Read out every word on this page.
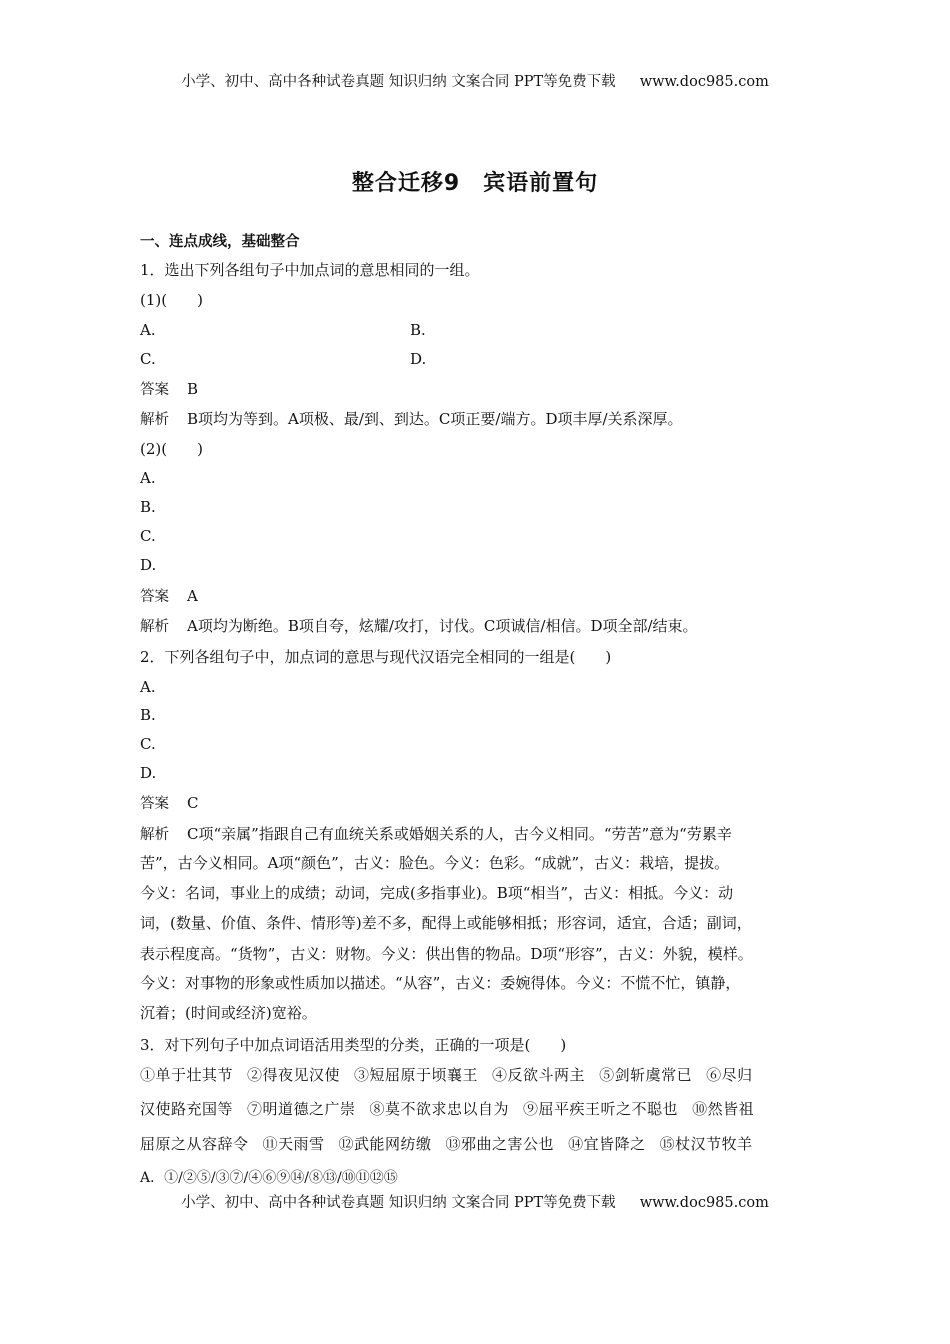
小学、初中、高中各种试卷真题 知识归纳 文案合同 PPT等免费下载 www.doc985.com
整合迁移9　宾语前置句
一、连点成线，基础整合
1．选出下列各组句子中加点词的意思相同的一组。
(1)(　　)
A.	B.
C.	D.
答案 B
解析 B项均为等到。A项极、最/到、到达。C项正要/端方。D项丰厚/关系深厚。
(2)(　　)
A.
B.
C.
D.
答案 A
解析 A项均为断绝。B项自夸，炫耀/攻打，讨伐。C项诚信/相信。D项全部/结束。
2．下列各组句子中，加点词的意思与现代汉语完全相同的一组是(　　)
A.
B.
C.
D.
答案 C
解析 C项“亲属”指跟自己有血统关系或婚姻关系的人，古今义相同。“劳苦”意为“劳累辛
苦”，古今义相同。A项“颜色”，古义：脸色。今义：色彩。“成就”，古义：栽培，提拔。
今义：名词，事业上的成绩；动词，完成(多指事业)。B项“相当”，古义：相抵。今义：动
词，(数量、价值、条件、情形等)差不多，配得上或能够相抵；形容词，适宜，合适；副词，
表示程度高。“货物”，古义：财物。今义：供出售的物品。D项“形容”，古义：外貌，模样。
今义：对事物的形象或性质加以描述。“从容”，古义：委婉得体。今义：不慌不忙，镇静，
沉着；(时间或经济)宽裕。
3．对下列句子中加点词语活用类型的分类，正确的一项是(　　)
①单于壮其节 ②得夜见汉使 ③短屈原于顷襄王 ④反欲斗两主 ⑤剑斩虞常已 ⑥尽归
汉使路充国等 ⑦明道德之广崇 ⑧莫不欲求忠以自为 ⑨屈平疾王听之不聪也 ⑩然皆祖
屈原之从容辞令 ⑪天雨雪 ⑫武能网纺缴 ⑬邪曲之害公也 ⑭宜皆降之 ⑮杖汉节牧羊
A．①/②⑤/③⑦/④⑥⑨⑭/⑧⑬/⑩⑪⑫⑮
小学、初中、高中各种试卷真题 知识归纳 文案合同 PPT等免费下载 www.doc985.com
